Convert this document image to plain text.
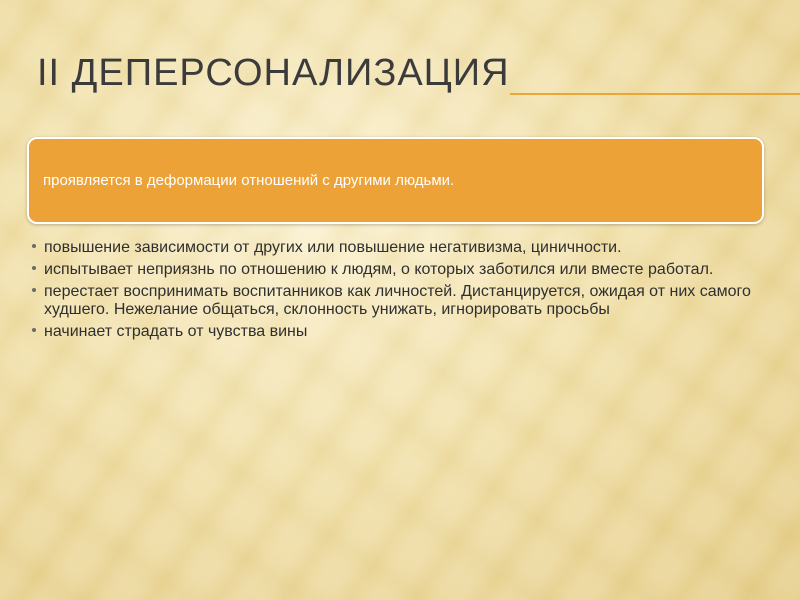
II ДЕПЕРСОНАЛИЗАЦИЯ
проявляется в деформации отношений с другими людьми.
повышение зависимости от других или повышение негативизма, циничности.
испытывает неприязнь по отношению к людям, о которых заботился или вместе работал.
перестает воспринимать воспитанников как личностей. Дистанцируется, ожидая от них самого худшего. Нежелание общаться, склонность унижать, игнорировать просьбы
начинает страдать от чувства вины
